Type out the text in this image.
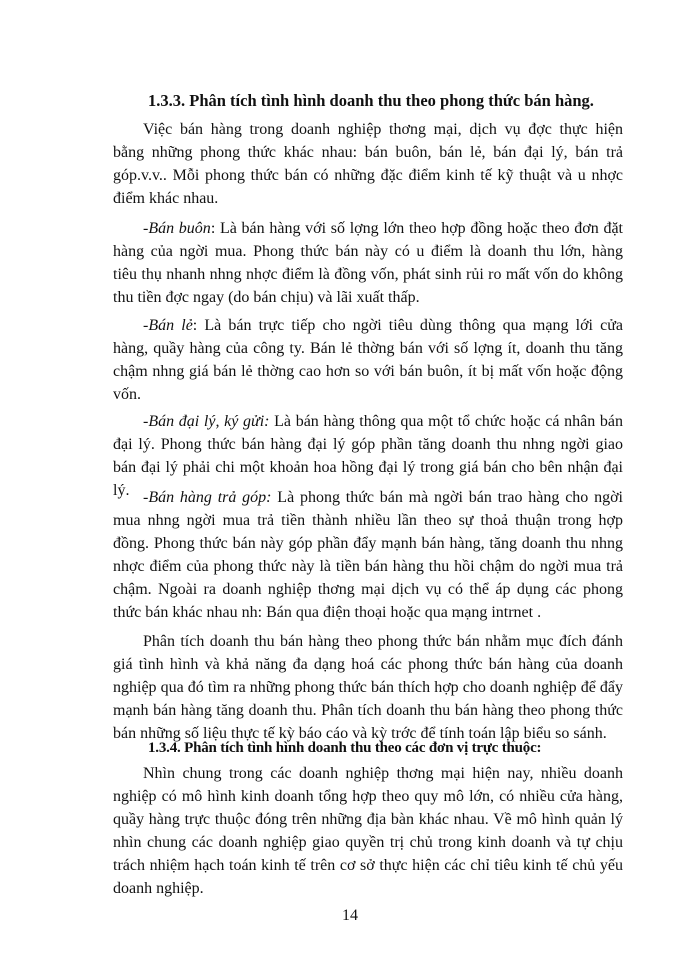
1.3.3. Phân tích tình hình doanh thu theo phong thức bán hàng.
Việc bán hàng trong doanh nghiệp thơng mại, dịch vụ đợc thực hiện
bằng những phong thức khác nhau: bán buôn, bán lẻ, bán đại lý, bán trả
góp.v.v.. Mỗi phong thức bán có những đặc điểm kinh tế kỹ thuật và u nhợc
điểm khác nhau.
-Bán buôn: Là bán hàng với số lợng lớn theo hợp đồng hoặc theo đơn đặt
hàng của ngời mua. Phong thức bán này có u điểm là doanh thu lớn, hàng
tiêu thụ nhanh nhng nhợc điểm là đồng vốn, phát sinh rủi ro mất vốn do không
thu tiền đợc ngay (do bán chịu) và lãi xuất thấp.
-Bán lẻ: Là bán trực tiếp cho ngời tiêu dùng thông qua mạng lới cửa
hàng, quầy hàng của công ty. Bán lẻ thờng bán với số lợng ít, doanh thu tăng
chậm nhng giá bán lẻ thờng cao hơn so với bán buôn, ít bị mất vốn hoặc động
vốn.
-Bán đại lý, ký gửi: Là bán hàng thông qua một tổ chức hoặc cá nhân bán
đại lý. Phong thức bán hàng đại lý góp phần tăng doanh thu nhng ngời giao
bán đại lý phải chi một khoản hoa hồng đại lý trong giá bán cho bên nhận đại lý. -Bán hàng trả góp: Là phong thức bán mà ngời bán trao hàng cho ngời
mua nhng ngời mua trả tiền thành nhiều lần theo sự thoả thuận trong hợp
đồng. Phong thức bán này góp phần đẩy mạnh bán hàng, tăng doanh thu nhng
nhợc điểm của phong thức này là tiền bán hàng thu hồi chậm do ngời mua trả
chậm. Ngoài ra doanh nghiệp thơng mại dịch vụ có thể áp dụng các phong
thức bán khác nhau nh: Bán qua điện thoại hoặc qua mạng intrnet .
Phân tích doanh thu bán hàng theo phong thức bán nhằm mục đích đánh
giá tình hình và khả năng đa dạng hoá các phong thức bán hàng của doanh
nghiệp qua đó tìm ra những phong thức bán thích hợp cho doanh nghiệp để đẩy
mạnh bán hàng tăng doanh thu. Phân tích doanh thu bán hàng theo phong thức
bán những số liệu thực tế kỳ báo cáo và kỳ trớc để tính toán lập biểu so sánh.
1.3.4. Phân tích tình hình doanh thu theo các đơn vị trực thuộc:
Nhìn chung trong các doanh nghiệp thơng mại hiện nay, nhiều doanh
nghiệp có mô hình kinh doanh tổng hợp theo quy mô lớn, có nhiều cửa hàng,
quầy hàng trực thuộc đóng trên những địa bàn khác nhau. Về mô hình quản lý
nhìn chung các doanh nghiệp giao quyền trị chủ trong kinh doanh và tự chịu
trách nhiệm hạch toán kinh tế trên cơ sở thực hiện các chỉ tiêu kinh tế chủ yếu
doanh nghiệp.
14
